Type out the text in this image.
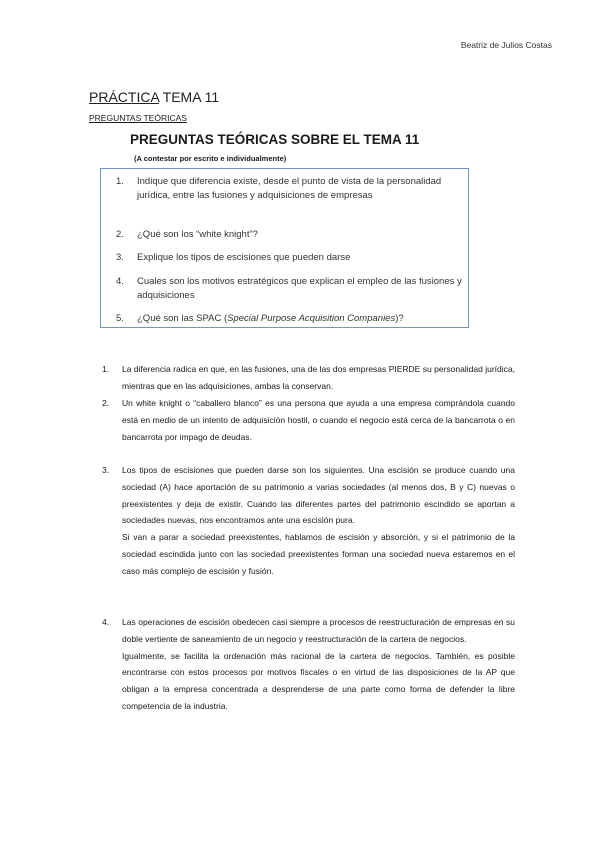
Beatriz de Julios Costas
PRÁCTICA TEMA 11
PREGUNTAS TEÓRICAS
PREGUNTAS TEÓRICAS SOBRE EL TEMA 11
(A contestar por escrito e individualmente)
1. Indique que diferencia existe, desde el punto de vista de la personalidad jurídica, entre las fusiones y adquisiciones de empresas
2. ¿Qué son los “white knight”?
3. Explique los tipos de escisiones que pueden darse
4. Cuales son los motivos estratégicos que explican el empleo de las fusiones y adquisiciones
5. ¿Qué son las SPAC (Special Purpose Acquisition Companies)?
1. La diferencia radica en que, en las fusiones, una de las dos empresas PIERDE su personalidad jurídica, mientras que en las adquisiciones, ambas la conservan.

2. Un white knight o “caballero blanco” es una persona que ayuda a una empresa comprándola cuando está en medio de un intento de adquisición hostil, o cuando el negocio está cerca de la bancarrota o en bancarrota por impago de deudas.

3. Los tipos de escisiones que pueden darse son los siguientes. Una escisión se produce cuando una sociedad (A) hace aportación de su patrimonio a varias sociedades (al menos dos, B y C) nuevas o preexistentes y deja de existir. Cuando las diferentes partes del patrimonio escindido se aportan a sociedades nuevas, nos encontramos ante una escisión pura.

Si van a parar a sociedad preexistentes, hablamos de escisión y absorción, y si el patrimonio de la sociedad escindida junto con las sociedad preexistentes forman una sociedad nueva estaremos en el caso más complejo de escisión y fusión.

4. Las operaciones de escisión obedecen casi siempre a procesos de reestructuración de empresas en su doble vertiente de saneamiento de un negocio y reestructuración de la cartera de negocios.

Igualmente, se facilita la ordenación más racional de la cartera de negocios. También, es posible encontrarse con estos procesos por motivos fiscales o en virtud de las disposiciones de la AP que obligan a la empresa concentrada a desprenderse de una parte como forma de defender la libre competencia de la industria.
